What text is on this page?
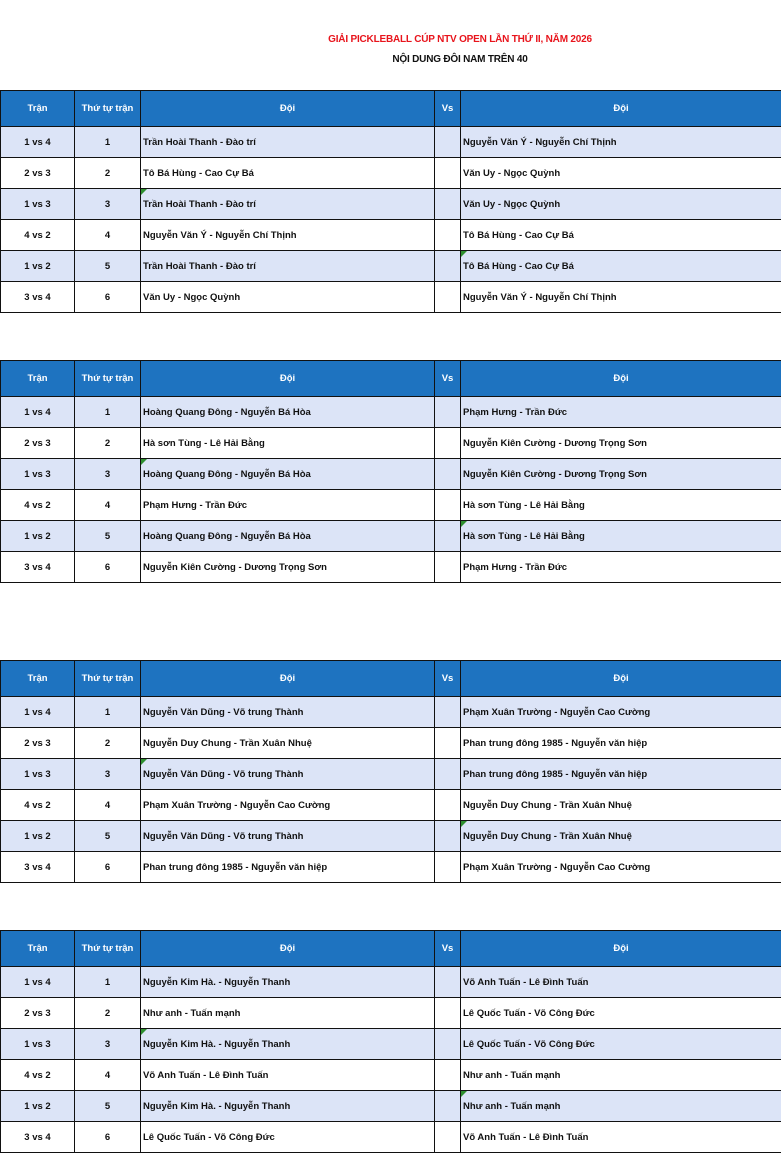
GIẢI PICKLEBALL CÚP NTV OPEN LẦN THỨ II, NĂM 2026
NỘI DUNG ĐÔI NAM TRÊN 40
Trận	Thứ tự trận	Đội	Vs	Đội
1 vs 4	1	Trần Hoài Thanh - Đào trí		Nguyễn Văn Ý - Nguyễn Chí Thịnh
2 vs 3	2	Tô Bá Hùng - Cao Cự Bá		Văn Uy - Ngọc Quỳnh
1 vs 3	3	Trần Hoài Thanh - Đào trí		Văn Uy - Ngọc Quỳnh
4 vs 2	4	Nguyễn Văn Ý - Nguyễn Chí Thịnh		Tô Bá Hùng - Cao Cự Bá
1 vs 2	5	Trần Hoài Thanh - Đào trí		Tô Bá Hùng - Cao Cự Bá
3 vs 4	6	Văn Uy - Ngọc Quỳnh		Nguyễn Văn Ý - Nguyễn Chí Thịnh
Trận	Thứ tự trận	Đội	Vs	Đội
1 vs 4	1	Hoàng Quang Đông - Nguyễn Bá Hòa		Phạm Hưng - Trần Đức
2 vs 3	2	Hà sơn Tùng - Lê Hải Bằng		Nguyễn Kiên Cường - Dương Trọng Sơn
1 vs 3	3	Hoàng Quang Đông - Nguyễn Bá Hòa		Nguyễn Kiên Cường - Dương Trọng Sơn
4 vs 2	4	Phạm Hưng - Trần Đức		Hà sơn Tùng - Lê Hải Bằng
1 vs 2	5	Hoàng Quang Đông - Nguyễn Bá Hòa		Hà sơn Tùng - Lê Hải Bằng
3 vs 4	6	Nguyễn Kiên Cường - Dương Trọng Sơn		Phạm Hưng - Trần Đức
Trận	Thứ tự trận	Đội	Vs	Đội
1 vs 4	1	Nguyễn Văn Dũng - Võ trung Thành		Phạm Xuân Trường - Nguyễn Cao Cường
2 vs 3	2	Nguyễn Duy Chung - Trần Xuân Nhuệ		Phan trung đông 1985 - Nguyễn văn hiệp
1 vs 3	3	Nguyễn Văn Dũng - Võ trung Thành		Phan trung đông 1985 - Nguyễn văn hiệp
4 vs 2	4	Phạm Xuân Trường - Nguyễn Cao Cường		Nguyễn Duy Chung - Trần Xuân Nhuệ
1 vs 2	5	Nguyễn Văn Dũng - Võ trung Thành		Nguyễn Duy Chung - Trần Xuân Nhuệ
3 vs 4	6	Phan trung đông 1985 - Nguyễn văn hiệp		Phạm Xuân Trường - Nguyễn Cao Cường
Trận	Thứ tự trận	Đội	Vs	Đội
1 vs 4	1	Nguyễn Kim Hà. - Nguyễn Thanh		Võ Anh Tuấn - Lê Đình Tuấn
2 vs 3	2	Như anh - Tuấn mạnh		Lê Quốc Tuấn - Võ Công Đức
1 vs 3	3	Nguyễn Kim Hà. - Nguyễn Thanh		Lê Quốc Tuấn - Võ Công Đức
4 vs 2	4	Võ Anh Tuấn - Lê Đình Tuấn		Như anh - Tuấn mạnh
1 vs 2	5	Nguyễn Kim Hà. - Nguyễn Thanh		Như anh - Tuấn mạnh
3 vs 4	6	Lê Quốc Tuấn - Võ Công Đức		Võ Anh Tuấn - Lê Đình Tuấn
